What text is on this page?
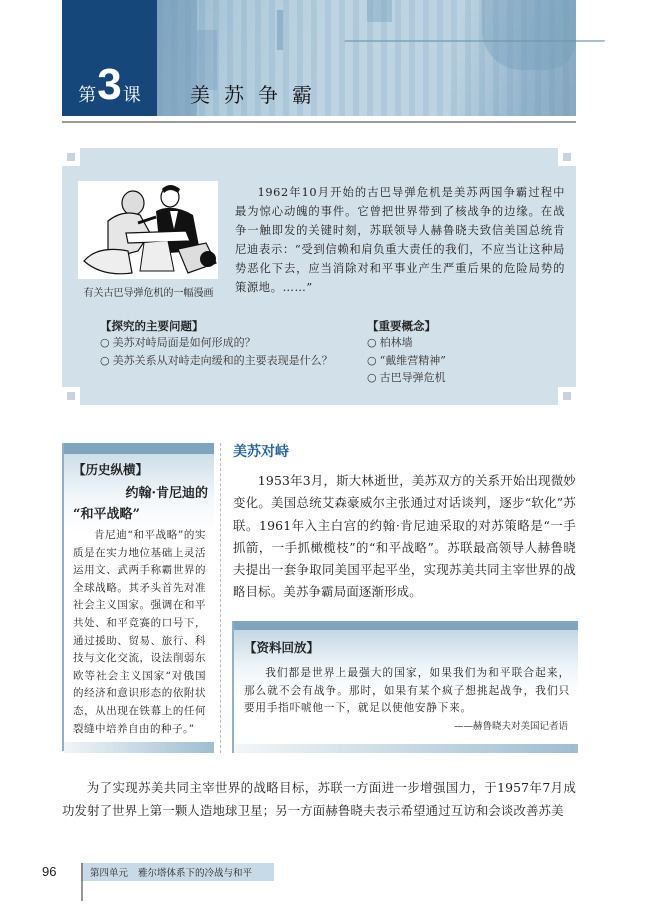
第3课	美苏争霸
有关古巴导弹危机的一幅漫画

1962年10月开始的古巴导弹危机是美苏两国争霸过程中最为惊心动魄的事件。它曾把世界带到了核战争的边缘。在战争一触即发的关键时刻，苏联领导人赫鲁晓夫致信美国总统肯尼迪表示：“受到信赖和肩负重大责任的我们，不应当让这种局势恶化下去，应当消除对和平事业产生严重后果的危险局势的策源地。……”

【探究的主要问题】
○ 美苏对峙局面是如何形成的？
○ 美苏关系从对峙走向缓和的主要表现是什么？
【重要概念】
○ 柏林墙
○ “戴维营精神”
○ 古巴导弹危机
【历史纵横】
约翰·肯尼迪的
“和平战略”

肯尼迪“和平战略”的实质是在实力地位基础上灵活运用文、武两手称霸世界的全球战略。其矛头首先对准社会主义国家。强调在和平共处、和平竞赛的口号下，通过援助、贸易、旅行、科技与文化交流，设法削弱东欧等社会主义国家“对俄国的经济和意识形态的依附状态，从出现在铁幕上的任何裂缝中培养自由的种子。”

美苏对峙

1953年3月，斯大林逝世，美苏双方的关系开始出现微妙变化。美国总统艾森豪威尔主张通过对话谈判，逐步“软化”苏联。1961年入主白宫的约翰·肯尼迪采取的对苏策略是“一手抓箭，一手抓橄榄枝”的“和平战略”。苏联最高领导人赫鲁晓夫提出一套争取同美国平起平坐，实现苏美共同主宰世界的战略目标。美苏争霸局面逐渐形成。

【资料回放】

我们都是世界上最强大的国家，如果我们为和平联合起来，那么就不会有战争。那时，如果有某个疯子想挑起战争，我们只要用手指吓唬他一下，就足以使他安静下来。

——赫鲁晓夫对美国记者语

为了实现苏美共同主宰世界的战略目标，苏联一方面进一步增强国力，于1957年7月成功发射了世界上第一颗人造地球卫星；另一方面赫鲁晓夫表示希望通过互访和会谈改善苏美

96	第四单元 雅尔塔体系下的冷战与和平
